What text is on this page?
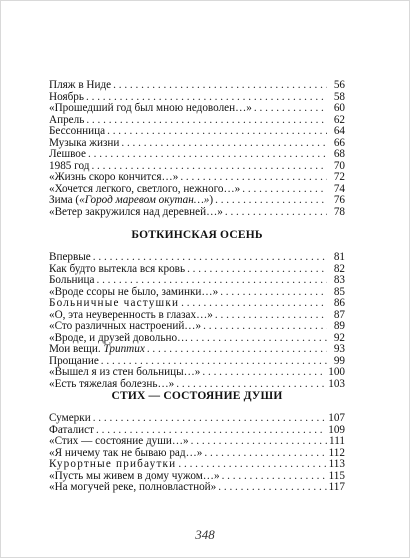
Пляж в Ниде . . .	56
Ноябрь . . .	58
«Прошедший год был мною недоволен…» . . .	60
Апрель . . .	62
Бессонница . . .	64
Музыка жизни . . .	66
Лешвое . . .	68
1985 год . . .	70
«Жизнь скоро кончится…» . . .	72
«Хочется легкого, светлого, нежного…» . . .	74
Зима («Город маревом окутан…») . . .	76
«Ветер закружился над деревней…» . . .	78
БОТКИНСКАЯ ОСЕНЬ
Впервые . . .	81
Как будто вытекла вся кровь . . .	82
Больница . . .	83
«Вроде ссоры не было, заминки…» . . .	85
Больничные частушки . . .	86
«О, эта неуверенность в глазах…» . . .	87
«Сто различных настроений…» . . .	89
«Вроде, и друзей довольно… . . .	92
Мои вещи. Триптих . . .	93
Прощание . . .	99
«Вышел я из стен больницы…» . . .	100
«Есть тяжелая болезнь…» . . .	103
СТИХ — СОСТОЯНИЕ ДУШИ
Сумерки . . .	107
Фаталист . . .	109
«Стих — состояние души…» . . .	111
«Я ничему так не бываю рад…» . . .	112
Курортные прибаутки . . .	113
«Пусть мы живем в дому чужом…» . . .	115
«На могучей реке, полновластной» . . .	117
348
